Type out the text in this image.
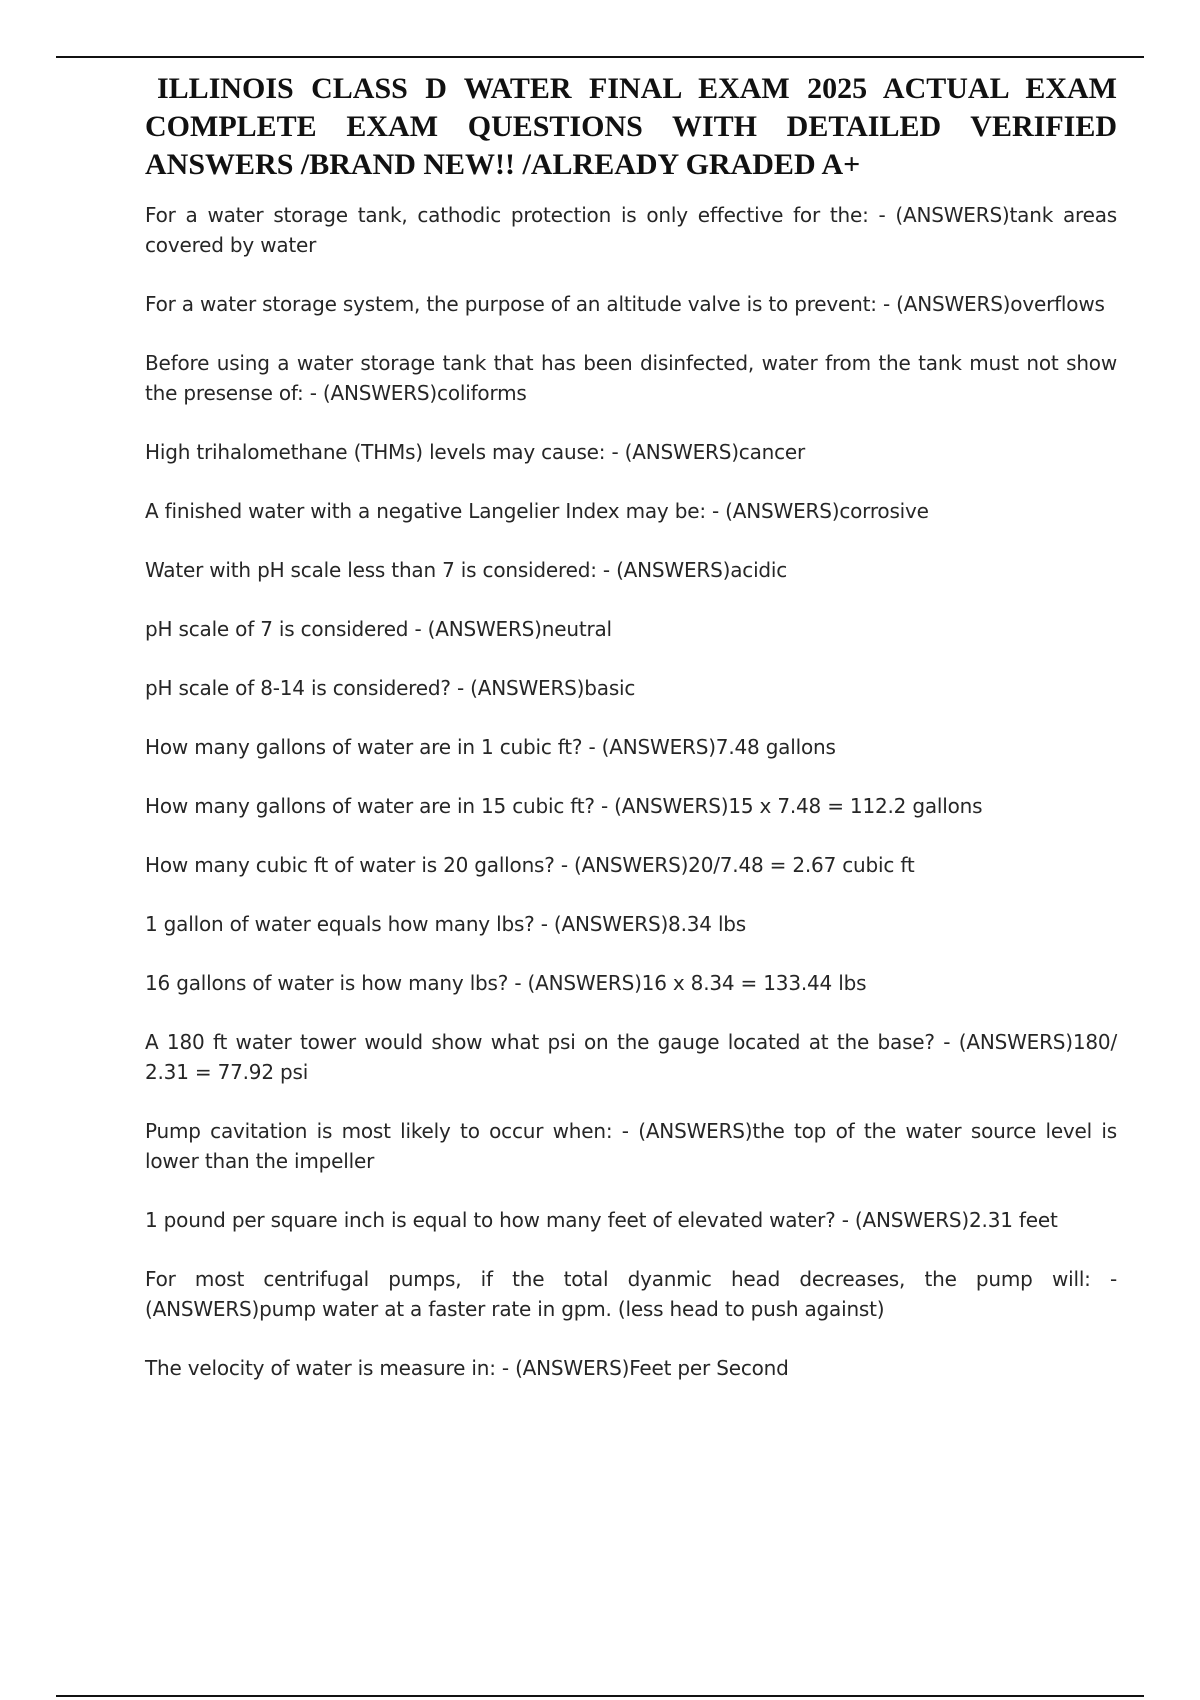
ILLINOIS CLASS D WATER FINAL EXAM 2025 ACTUAL EXAM
COMPLETE EXAM QUESTIONS WITH DETAILED VERIFIED
ANSWERS /BRAND NEW!! /ALREADY GRADED A+

For a water storage tank, cathodic protection is only effective for the: - (ANSWERS)tank areas covered by water

For a water storage system, the purpose of an altitude valve is to prevent: - (ANSWERS)overflows

Before using a water storage tank that has been disinfected, water from the tank must not show the presense of: - (ANSWERS)coliforms

High trihalomethane (THMs) levels may cause: - (ANSWERS)cancer

A finished water with a negative Langelier Index may be: - (ANSWERS)corrosive

Water with pH scale less than 7 is considered: - (ANSWERS)acidic

pH scale of 7 is considered - (ANSWERS)neutral

pH scale of 8-14 is considered? - (ANSWERS)basic

How many gallons of water are in 1 cubic ft? - (ANSWERS)7.48 gallons

How many gallons of water are in 15 cubic ft? - (ANSWERS)15 x 7.48 = 112.2 gallons

How many cubic ft of water is 20 gallons? - (ANSWERS)20/7.48 = 2.67 cubic ft

1 gallon of water equals how many lbs? - (ANSWERS)8.34 lbs

16 gallons of water is how many lbs? - (ANSWERS)16 x 8.34 = 133.44 lbs

A 180 ft water tower would show what psi on the gauge located at the base? - (ANSWERS)180/ 2.31 = 77.92 psi

Pump cavitation is most likely to occur when: - (ANSWERS)the top of the water source level is lower than the impeller

1 pound per square inch is equal to how many feet of elevated water? - (ANSWERS)2.31 feet

For most centrifugal pumps, if the total dyanmic head decreases, the pump will: - (ANSWERS)pump water at a faster rate in gpm. (less head to push against)

The velocity of water is measure in: - (ANSWERS)Feet per Second
